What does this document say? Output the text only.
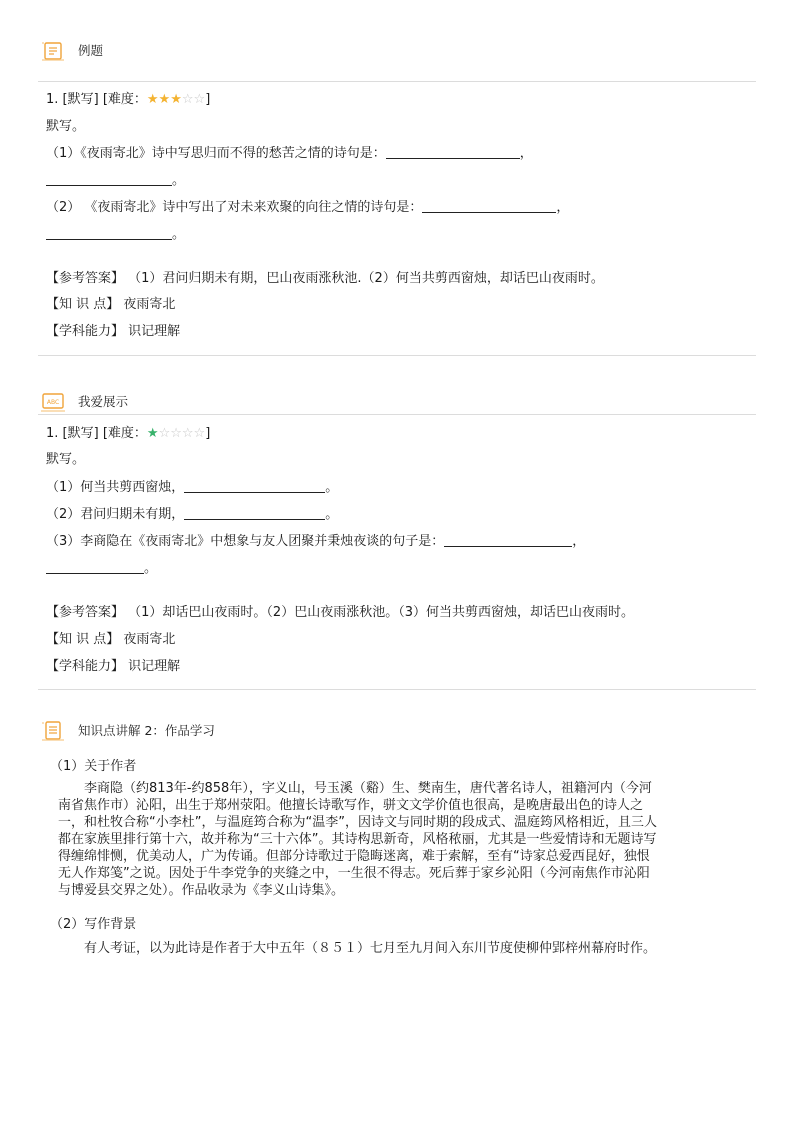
例题
1. [默写] [难度：★★★☆☆]
默写。
（1）《夜雨寄北》诗中写思归而不得的愁苦之情的诗句是：	，
。
（2） 《夜雨寄北》诗中写出了对未来欢聚的向往之情的诗句是：	，
。
【参考答案】 （1）君问归期未有期，巴山夜雨涨秋池.（2）何当共剪西窗烛，却话巴山夜雨时。
【知 识 点】 夜雨寄北
【学科能力】 识记理解
ABC 我爱展示
1. [默写] [难度：★☆☆☆☆]
默写。
（1）何当共剪西窗烛，	。
（2）君问归期未有期，	。
（3）李商隐在《夜雨寄北》中想象与友人团聚并秉烛夜谈的句子是：	，
。
【参考答案】 （1）却话巴山夜雨时。（2）巴山夜雨涨秋池。（3）何当共剪西窗烛，却话巴山夜雨时。
【知 识 点】 夜雨寄北
【学科能力】 识记理解
知识点讲解 2：作品学习
（1）关于作者
李商隐（约813年-约858年），字义山，号玉溪（谿）生、樊南生，唐代著名诗人，祖籍河内（今河
南省焦作市）沁阳，出生于郑州荥阳。他擅长诗歌写作，骈文文学价值也很高，是晚唐最出色的诗人之
一，和杜牧合称“小李杜”，与温庭筠合称为“温李”，因诗文与同时期的段成式、温庭筠风格相近，且三人
都在家族里排行第十六，故并称为“三十六体”。其诗构思新奇，风格秾丽，尤其是一些爱情诗和无题诗写
得缠绵悱恻，优美动人，广为传诵。但部分诗歌过于隐晦迷离，难于索解，至有“诗家总爱西昆好，独恨
无人作郑笺”之说。因处于牛李党争的夹缝之中，一生很不得志。死后葬于家乡沁阳（今河南焦作市沁阳
与博爱县交界之处）。作品收录为《李义山诗集》。
（2）写作背景
有人考证，以为此诗是作者于大中五年（８５１）七月至九月间入东川节度使柳仲郢梓州幕府时作。
